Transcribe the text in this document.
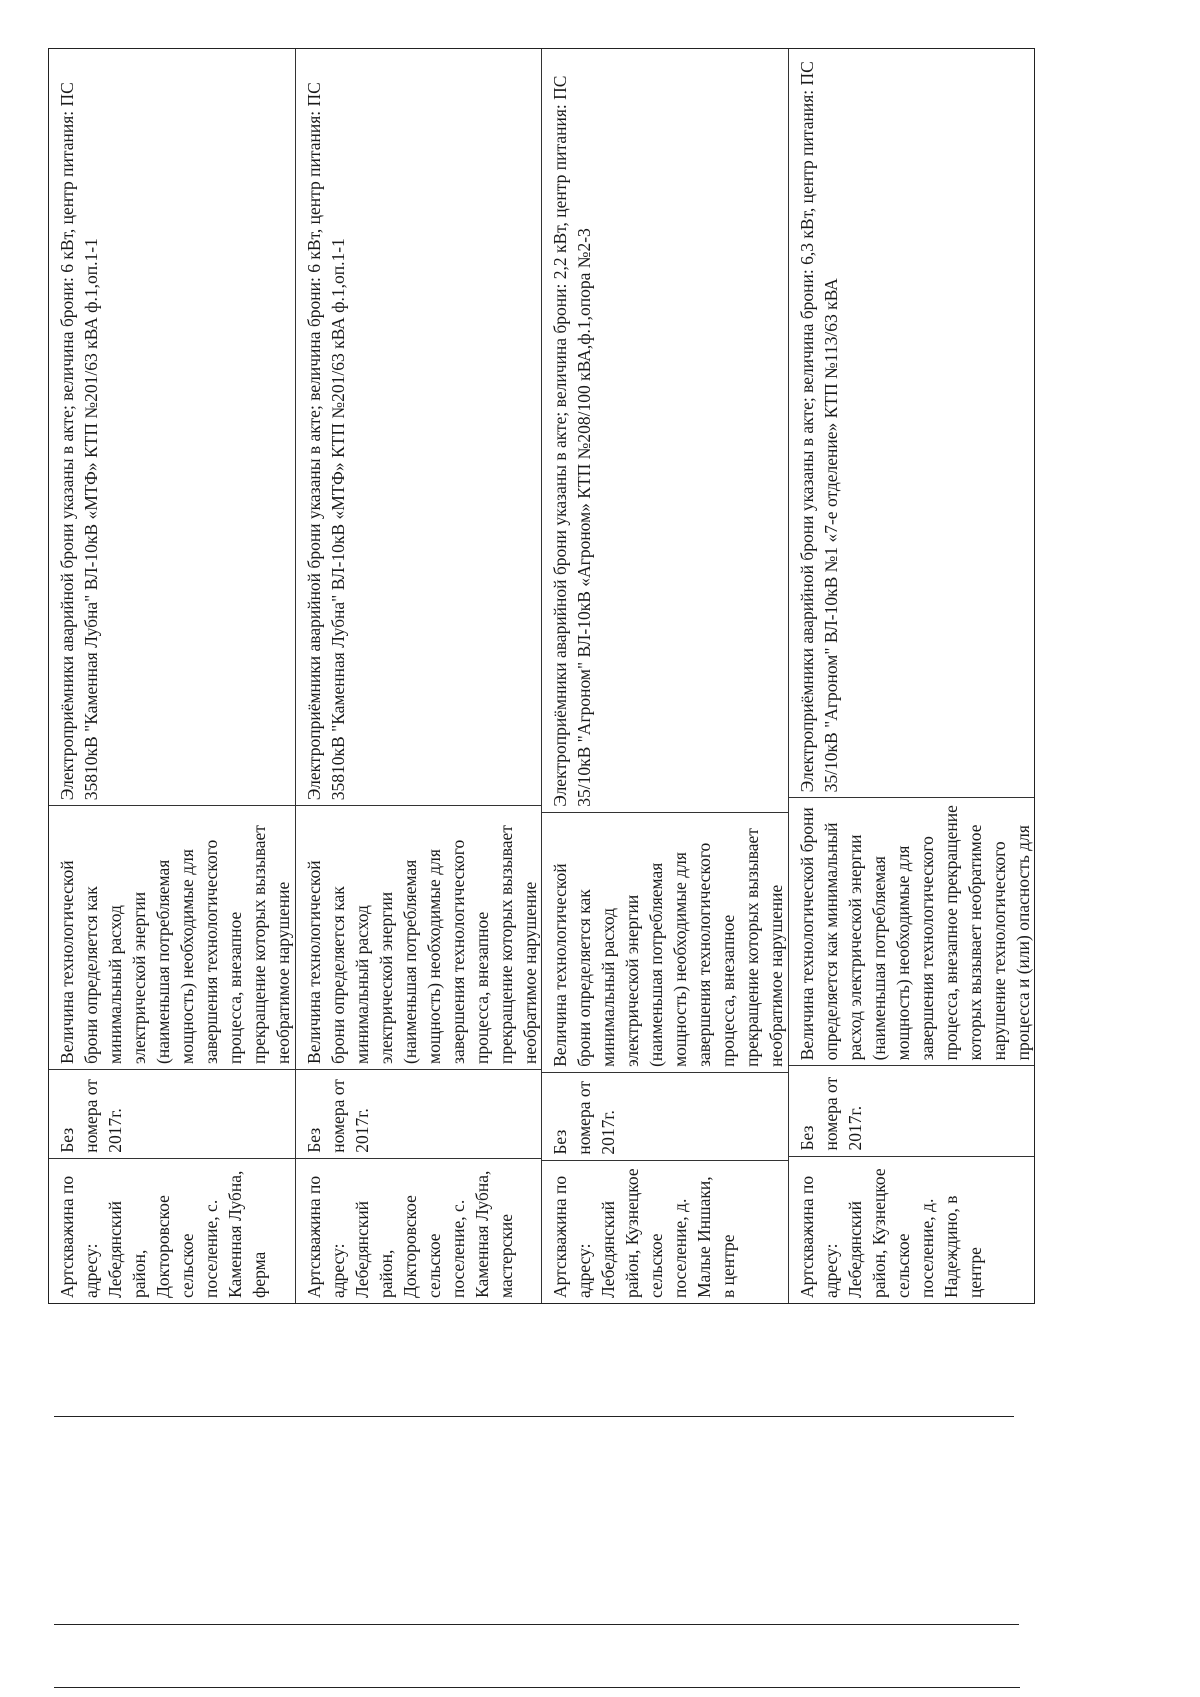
Артскважина по адресу: Лебедянский район, Доктоpовское сельское поселение, с. Каменная Лубна, ферма
Без номера от 2017г.
Величина технологической брони определяется как минимальный расход электрической энергии (наименьшая потребляемая мощность) необходимые для завершения технологического процесса, внезапное прекращение которых вызывает необратимое нарушение
Электроприёмники аварийной брони указаны в акте; величина брони: 6 кВт, центр питания: ПС 35810кВ "Каменная Лубна" ВЛ-10кВ «МТФ» КТП №201/63 кВА ф.1,оп.1-1
Артскважина по адресу: Лебедянский район, Доктоpовское сельское поселение, с. Каменная Лубна, мастерские
Без номера от 2017г.
Величина технологической брони определяется как минимальный расход электрической энергии (наименьшая потребляемая мощность) необходимые для завершения технологического процесса, внезапное прекращение которых вызывает необратимое нарушение
Электроприёмники аварийной брони указаны в акте; величина брони: 6 кВт, центр питания: ПС 35810кВ "Каменная Лубна" ВЛ-10кВ «МТФ» КТП №201/63 кВА ф.1,оп.1-1
Артскважина по адресу: Лебедянский район, Кузнецкое сельское поселение, д. Малые Иншаки, в центре
Без номера от 2017г.
Величина технологической брони определяется как минимальный расход электрической энергии (наименьшая потребляемая мощность) необходимые для завершения технологического процесса, внезапное прекращение которых вызывает необратимое нарушение
Электроприёмники аварийной брони указаны в акте; величина брони: 2,2 кВт, центр питания: ПС 35/10кВ "Агроном" ВЛ-10кВ «Агроном» КТП №208/100 кВА,ф.1,опора №2-3
Артскважина по адресу: Лебедянский район, Кузнецкое сельское поселение, д. Надеждино, в центре
Без номера от 2017г.
Величина технологической брони определяется как минимальный расход электрической энергии (наименьшая потребляемая мощность) необходимые для завершения технологического процесса, внезапное прекращение которых вызывает необратимое нарушение технологического процесса и (или) опасность для
Электроприёмники аварийной брони указаны в акте; величина брони: 6,3 кВт, центр питания: ПС 35/10кВ "Агроном" ВЛ-10кВ №1 «7-е отделение» КТП №113/63 кВА
